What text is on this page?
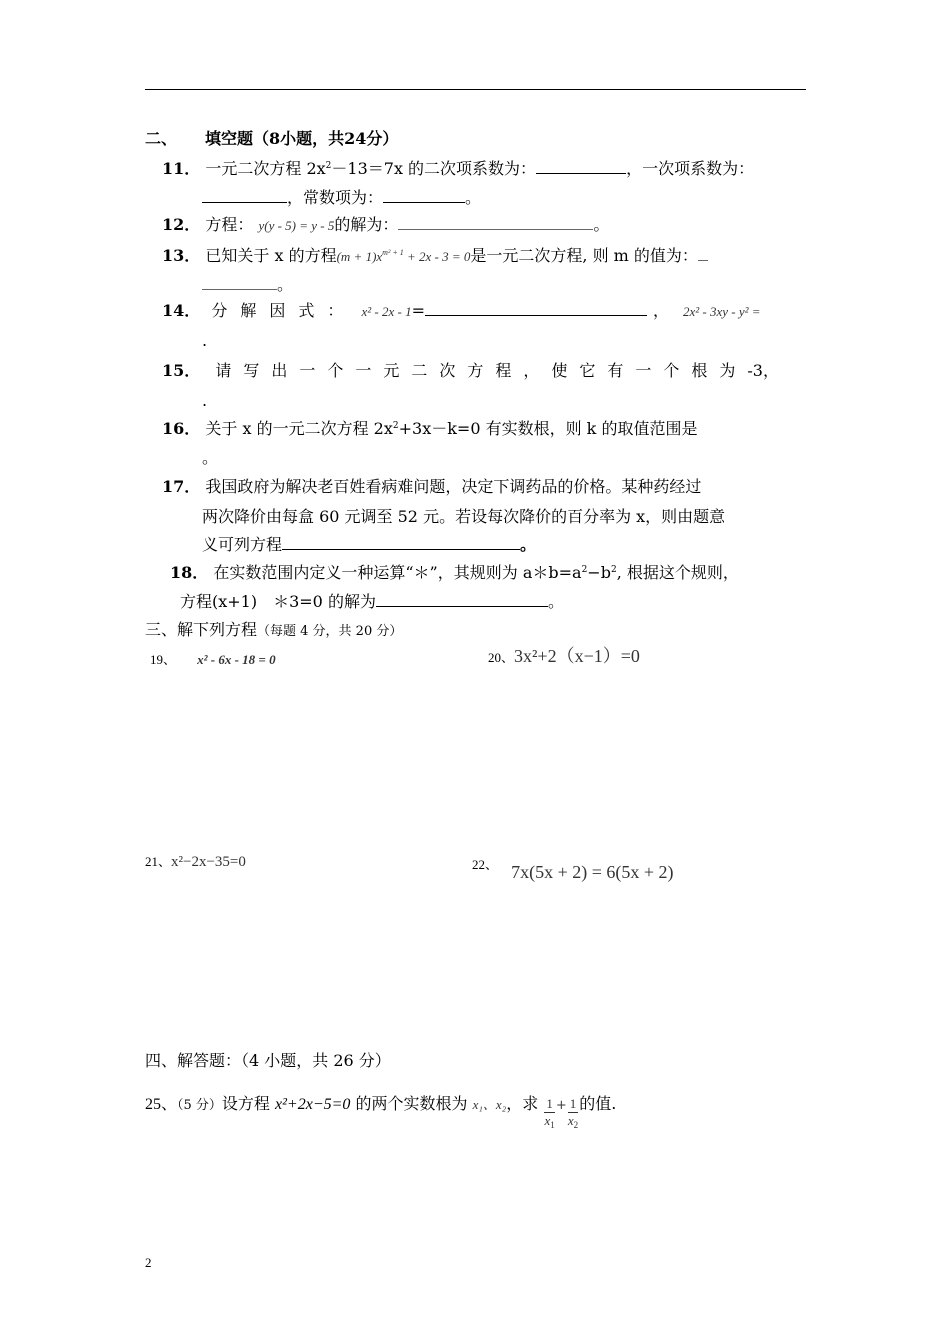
二、 填空题（8小题，共24分）
11． 一元二次方程 $2x^2-13=7x$ 的二次项系数为：	，一次项系数为：
，常数项为：	。
12． 方程： y(y - 5) = y - 5的解为：	。
13． 已知关于 x 的方程$(m + 1)x^{m^2 + 1} + 2x - 3 = 0$是一元二次方程, 则 m 的值为：
。
14． 分解因式： x² - 2x - 1=	， 2x² - 3xy - y² =
.
15． 请写出一个一元二次方程，使它有一个根为-3，
.
16． 关于 x 的一元二次方程 $2x^2+3x-k=0$ 有实数根，则 k 的取值范围是
。
17． 我国政府为解决老百姓看病难问题，决定下调药品的价格。某种药经过
两次降价由每盒 60 元调至 52 元。若设每次降价的百分率为 x，则由题意
义可列方程	。
18． 在实数范围内定义一种运算“＊”，其规则为 $a*b=a^2-b^2$, 根据这个规则，
方程(x+1)　＊3=0 的解为	。
三、解下列方程（每题 4 分，共 20 分）
19、 x² - 6x - 18 = 0	20、3x²+2（x−1）=0
21、x²−2x−35=0	22、 7x(5x + 2) = 6(5x + 2)
四、解答题：（4 小题，共 26 分）
25、（5 分）设方程 x²+2x−5=0 的两个实数根为 x₁、x₂，求 $\frac{1}{x_1} + \frac{1}{x_2}$ 的值.
2
